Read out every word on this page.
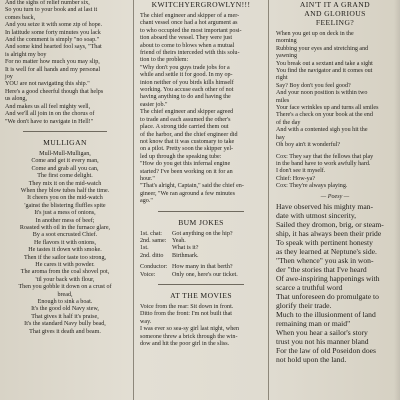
And the sighs of relief number six,

So you turn to your book and at last it

comes back,

And you seize it with some zip of hope.

In latitude some forty minutes you lack

And the comment is simply "no soap."

And some kind hearted fool says, "That

is alright my boy

For no matter how much you may slip,

It is well for all hands and my personal

joy

YOU are not navigating this ship."

Here's a good cheerful though that helps

us along,

And makes us all feel mighty well,

And we'll all join in on the chorus of

"We don't have to navigate in Hell!"

MULLIGAN

Mull-Mull-Mulligan,

Come and get it every man,

Come and grab all you can,

The first come delight.

They mix it on the mid-watch

When they blow tubes half the time.

It cheers you on the mid-watch

'gainst the blistering fluffles spite

It's just a mess of onions,

In another mess of beef;

Roasted with oil in the furnace glare,

By a soot encrusted Chief.

He flavors it with onions,

He tastes it down with smoke.

Then if the sailor taste too strong,

He cares it with powder.

The aroma from the coal shovel pot,

'til your back with flour,

Then you gobble it down on a crust of

bread,

Enough to sink a boat.

It's the good old Navy stew,

That gives it half it's praise,

It's the standard Navy bully bead,

That gives it death and beam.

KWITCHYERGROWLYN!!!

The chief engineer and skipper of a mer-

chant vessel once had a hot argument as

to who occupied the most important posi-

tion aboard the vessel. They were just

about to come to blows when a mutual

friend of theirs interceded with this solu-

tion to the problem:

"Why don't you guys trade jobs for a

while and settle it for good. In my op-

inion neither of you birds kills himself

working. You accuse each other of not

having anything to do and having the

easier job."

The chief engineer and skipper agreed

to trade and each assumed the other's

place. A strong tide carried them out

of the harbor, and the chief engineer did

not know that it was customary to take

on a pilot. Pretty soon the skipper yel-

led up through the speaking tube:

"How do you get this infernal engine

started? I've been working on it for an

hour."

"That's alright, Captain," said the chief en-

gineer, "We ran aground a few minutes

ago."

BUM JOKES

1st. chat:	Got anything on the hip?
2nd. same:	Yeah.
1st.	What is it?
2nd. ditto	Birthmark.
Conductor:	How many in that berth?
Voice:	Only one, here's our ticket.

AT THE MOVIES

Voice from the rear: Sit down in front.

Ditto from the front: I'm not built that

way.

I was ever so sea-sy girl last night, when

someone threw a brick through the win-

dow and hit the poor girl in the sliss.

AIN'T IT A GRAND

AND GLORIOUS

FEELING?

When you get up on deck in the

morning

Rubbing your eyes and stretching and

yawning

You break out a sextant and take a sight

You find the navigator and it comes out

right

Say? Boy don't you feel good?

And your noon position is within two

miles

Your face wrinkles up and turns all smiles

There's a check on your book at the end

of the day

And with a contented sigh you hit the

hay

Oh boy ain't it wonderful?

Cox: They say that the fellows that play

in the band have to work awfully hard.

I don't see it myself.

Chief: How-ya?

Cox: They're always playing.

— Poesy —

Have observed his mighty man-

date with utmost sincerity,

Sailed they dromon, brig, or steam-

ship, it has always been their pride

To speak with pertinent honesty

as they learned at Neptune's side.

"Then whence" you ask in won-

der "the stories that I've heard

Of awe-inspiring happenings with

scarce a truthful word

That unforeseen do promulgate to

glorify their trade.

Much to the illusionment of land

remaining man or maid"

When you hear a sailor's story

trust you not his manner bland

For the law of old Poseidon does

not hold upon the land.
